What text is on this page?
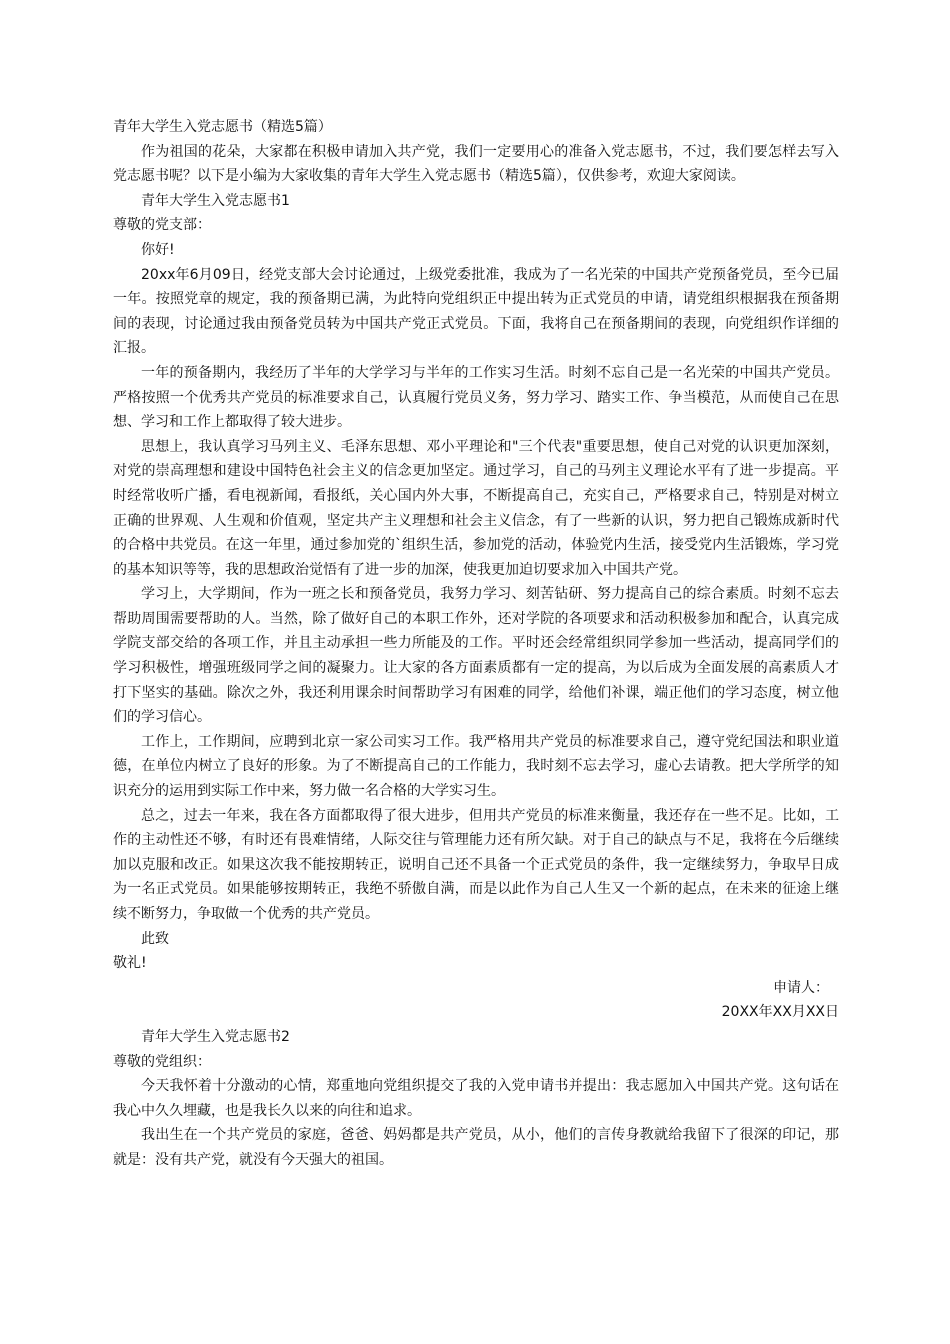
青年大学生入党志愿书（精选5篇）

作为祖国的花朵，大家都在积极申请加入共产党，我们一定要用心的准备入党志愿书，不过，我们要怎样去写入党志愿书呢？以下是小编为大家收集的青年大学生入党志愿书（精选5篇），仅供参考，欢迎大家阅读。

青年大学生入党志愿书1

尊敬的党支部：

你好!

20xx年6月09日，经党支部大会讨论通过，上级党委批准，我成为了一名光荣的中国共产党预备党员，至今已届一年。按照党章的规定，我的预备期已满，为此特向党组织正中提出转为正式党员的申请，请党组织根据我在预备期间的表现，讨论通过我由预备党员转为中国共产党正式党员。下面，我将自己在预备期间的表现，向党组织作详细的汇报。

一年的预备期内，我经历了半年的大学学习与半年的工作实习生活。时刻不忘自己是一名光荣的中国共产党员。严格按照一个优秀共产党员的标准要求自己，认真履行党员义务，努力学习、踏实工作、争当模范，从而使自己在思想、学习和工作上都取得了较大进步。

思想上，我认真学习马列主义、毛泽东思想、邓小平理论和"三个代表"重要思想，使自己对党的认识更加深刻，对党的崇高理想和建设中国特色社会主义的信念更加坚定。通过学习，自己的马列主义理论水平有了进一步提高。平时经常收听广播，看电视新闻，看报纸，关心国内外大事，不断提高自己，充实自己，严格要求自己，特别是对树立正确的世界观、人生观和价值观，坚定共产主义理想和社会主义信念，有了一些新的认识，努力把自己锻炼成新时代的合格中共党员。在这一年里，通过参加党的`组织生活，参加党的活动，体验党内生活，接受党内生活锻炼，学习党的基本知识等等，我的思想政治觉悟有了进一步的加深，使我更加迫切要求加入中国共产党。

学习上，大学期间，作为一班之长和预备党员，我努力学习、刻苦钻研、努力提高自己的综合素质。时刻不忘去帮助周围需要帮助的人。当然，除了做好自己的本职工作外，还对学院的各项要求和活动积极参加和配合，认真完成学院支部交给的各项工作，并且主动承担一些力所能及的工作。平时还会经常组织同学参加一些活动，提高同学们的学习积极性，增强班级同学之间的凝聚力。让大家的各方面素质都有一定的提高，为以后成为全面发展的高素质人才打下坚实的基础。除次之外，我还利用课余时间帮助学习有困难的同学，给他们补课，端正他们的学习态度，树立他们的学习信心。

工作上，工作期间，应聘到北京一家公司实习工作。我严格用共产党员的标准要求自己，遵守党纪国法和职业道德，在单位内树立了良好的形象。为了不断提高自己的工作能力，我时刻不忘去学习，虚心去请教。把大学所学的知识充分的运用到实际工作中来，努力做一名合格的大学实习生。

总之，过去一年来，我在各方面都取得了很大进步，但用共产党员的标准来衡量，我还存在一些不足。比如，工作的主动性还不够，有时还有畏难情绪，人际交往与管理能力还有所欠缺。对于自己的缺点与不足，我将在今后继续加以克服和改正。如果这次我不能按期转正，说明自己还不具备一个正式党员的条件，我一定继续努力，争取早日成为一名正式党员。如果能够按期转正，我绝不骄傲自满，而是以此作为自己人生又一个新的起点，在未来的征途上继续不断努力，争取做一个优秀的共产党员。

此致

敬礼!

申请人：

20XX年XX月XX日

青年大学生入党志愿书2

尊敬的党组织：

今天我怀着十分激动的心情，郑重地向党组织提交了我的入党申请书并提出：我志愿加入中国共产党。这句话在我心中久久埋藏，也是我长久以来的向往和追求。

我出生在一个共产党员的家庭，爸爸、妈妈都是共产党员，从小，他们的言传身教就给我留下了很深的印记，那就是：没有共产党，就没有今天强大的祖国。
